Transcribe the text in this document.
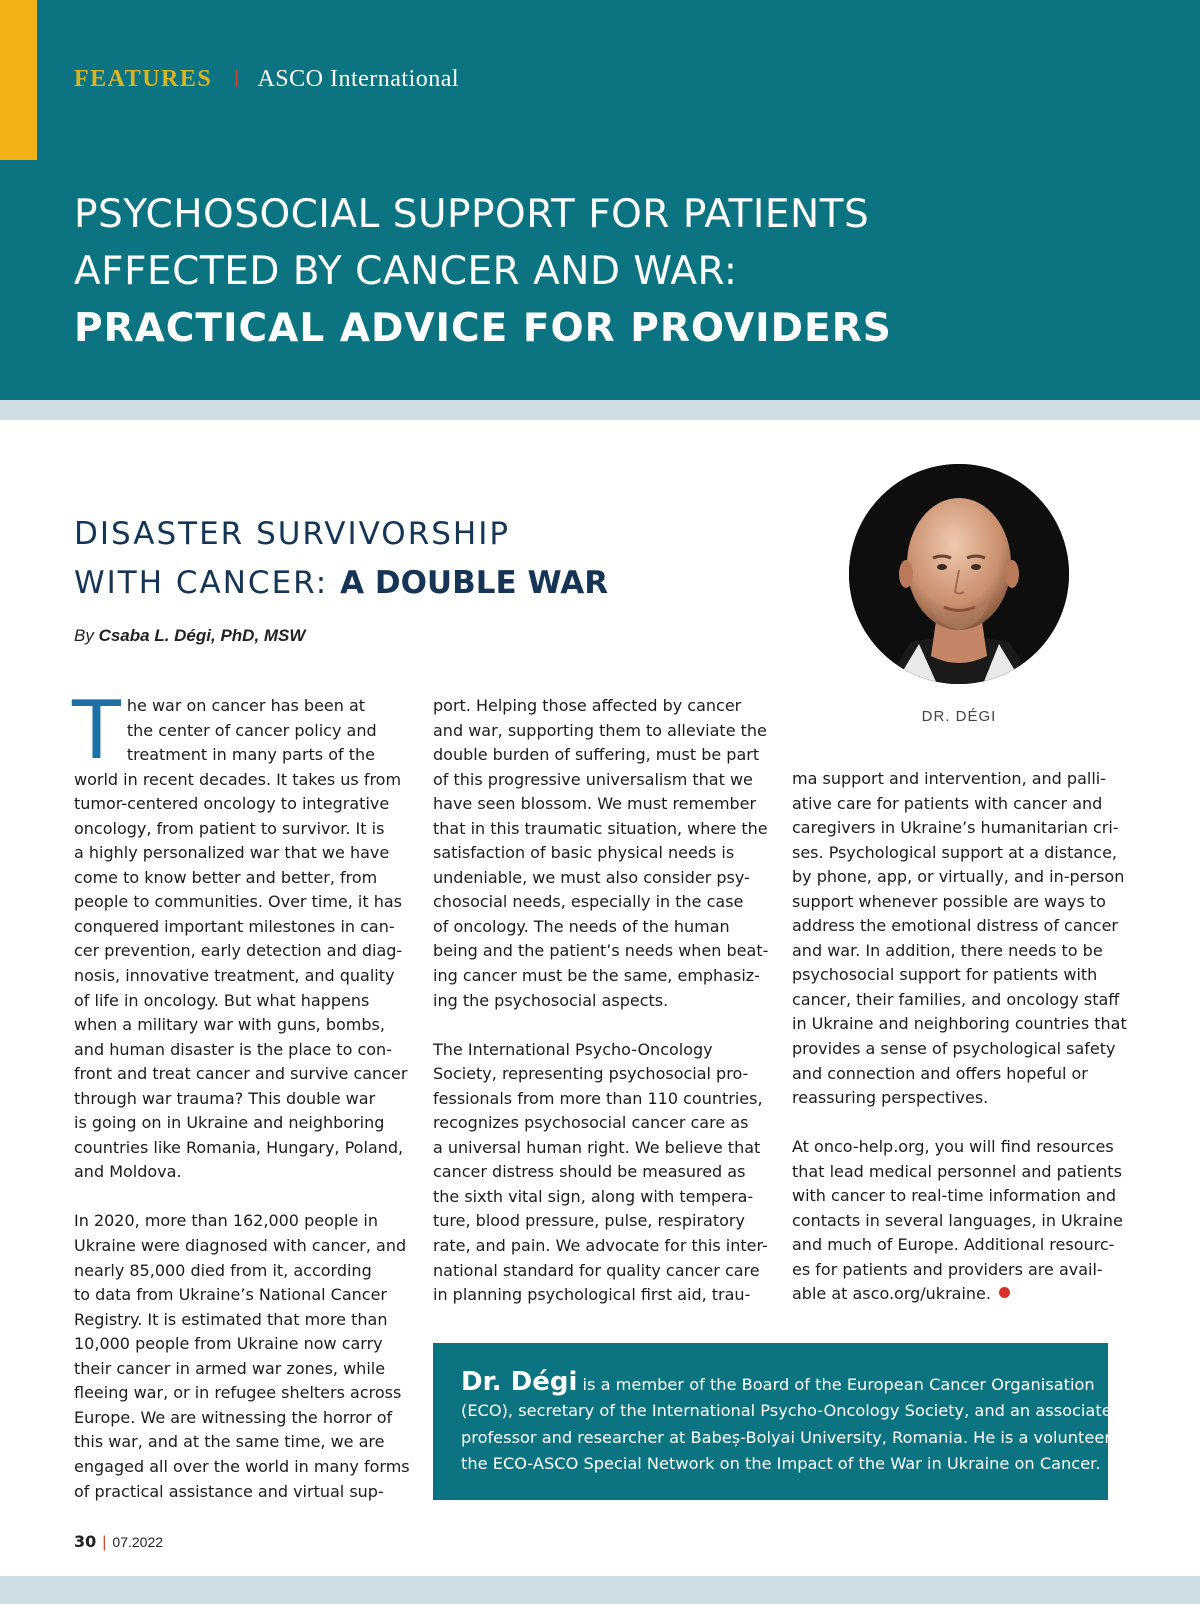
FEATURES | ASCO International
PSYCHOSOCIAL SUPPORT FOR PATIENTS
AFFECTED BY CANCER AND WAR:
PRACTICAL ADVICE FOR PROVIDERS
DISASTER SURVIVORSHIP
WITH CANCER: A DOUBLE WAR
By Csaba L. Dégi, PhD, MSW
DR. DÉGI
T he war on cancer has been at
the center of cancer policy and
treatment in many parts of the
world in recent decades. It takes us from
tumor-centered oncology to integrative
oncology, from patient to survivor. It is
a highly personalized war that we have
come to know better and better, from
people to communities. Over time, it has
conquered important milestones in can-
cer prevention, early detection and diag-
nosis, innovative treatment, and quality
of life in oncology. But what happens
when a military war with guns, bombs,
and human disaster is the place to con-
front and treat cancer and survive cancer
through war trauma? This double war
is going on in Ukraine and neighboring
countries like Romania, Hungary, Poland,
and Moldova.

In 2020, more than 162,000 people in
Ukraine were diagnosed with cancer, and
nearly 85,000 died from it, according
to data from Ukraine’s National Cancer
Registry. It is estimated that more than
10,000 people from Ukraine now carry
their cancer in armed war zones, while
fleeing war, or in refugee shelters across
Europe. We are witnessing the horror of
this war, and at the same time, we are
engaged all over the world in many forms
of practical assistance and virtual sup-

port. Helping those affected by cancer
and war, supporting them to alleviate the
double burden of suffering, must be part
of this progressive universalism that we
have seen blossom. We must remember
that in this traumatic situation, where the
satisfaction of basic physical needs is
undeniable, we must also consider psy-
chosocial needs, especially in the case
of oncology. The needs of the human
being and the patient’s needs when beat-
ing cancer must be the same, emphasiz-
ing the psychosocial aspects.

The International Psycho-Oncology
Society, representing psychosocial pro-
fessionals from more than 110 countries,
recognizes psychosocial cancer care as
a universal human right. We believe that
cancer distress should be measured as
the sixth vital sign, along with tempera-
ture, blood pressure, pulse, respiratory
rate, and pain. We advocate for this inter-
national standard for quality cancer care
in planning psychological first aid, trau-

ma support and intervention, and palli-
ative care for patients with cancer and
caregivers in Ukraine’s humanitarian cri-
ses. Psychological support at a distance,
by phone, app, or virtually, and in-person
support whenever possible are ways to
address the emotional distress of cancer
and war. In addition, there needs to be
psychosocial support for patients with
cancer, their families, and oncology staff
in Ukraine and neighboring countries that
provides a sense of psychological safety
and connection and offers hopeful or
reassuring perspectives.

At onco-help.org, you will find resources
that lead medical personnel and patients
with cancer to real-time information and
contacts in several languages, in Ukraine
and much of Europe. Additional resourc-
es for patients and providers are avail-
able at asco.org/ukraine.

Dr. Dégi is a member of the Board of the European Cancer Organisation

(ECO), secretary of the International Psycho-Oncology Society, and an associate
professor and researcher at Babeș-Bolyai University, Romania. He is a volunteer on
the ECO-ASCO Special Network on the Impact of the War in Ukraine on Cancer.

30 | 07.2022
